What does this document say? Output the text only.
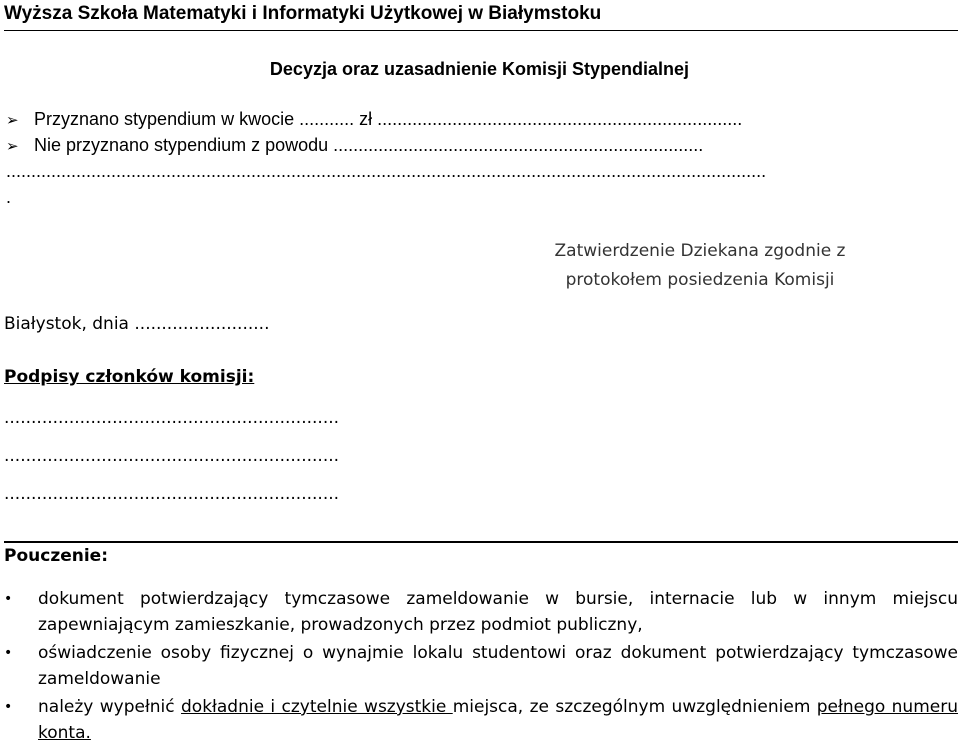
Wyższa Szkoła Matematyki i Informatyki Użytkowej w Białymstoku
Decyzja oraz uzasadnienie Komisji Stypendialnej
➢ Przyznano stypendium w kwocie ........... zł .........................................................................
➢ Nie przyznano stypendium z powodu ..........................................................................
........................................................................................................................................................
.
Zatwierdzenie Dziekana zgodnie z
protokołem posiedzenia Komisji
Białystok, dnia .........................
Podpisy członków komisji:
..............................................................
..............................................................
..............................................................
Pouczenie:
• dokument potwierdzający tymczasowe zameldowanie w bursie, internacie lub w innym miejscu zapewniającym zamieszkanie, prowadzonych przez podmiot publiczny,
• oświadczenie osoby fizycznej o wynajmie lokalu studentowi oraz dokument potwierdzający tymczasowe zameldowanie
• należy wypełnić dokładnie i czytelnie wszystkie miejsca, ze szczególnym uwzględnieniem pełnego numeru konta.
